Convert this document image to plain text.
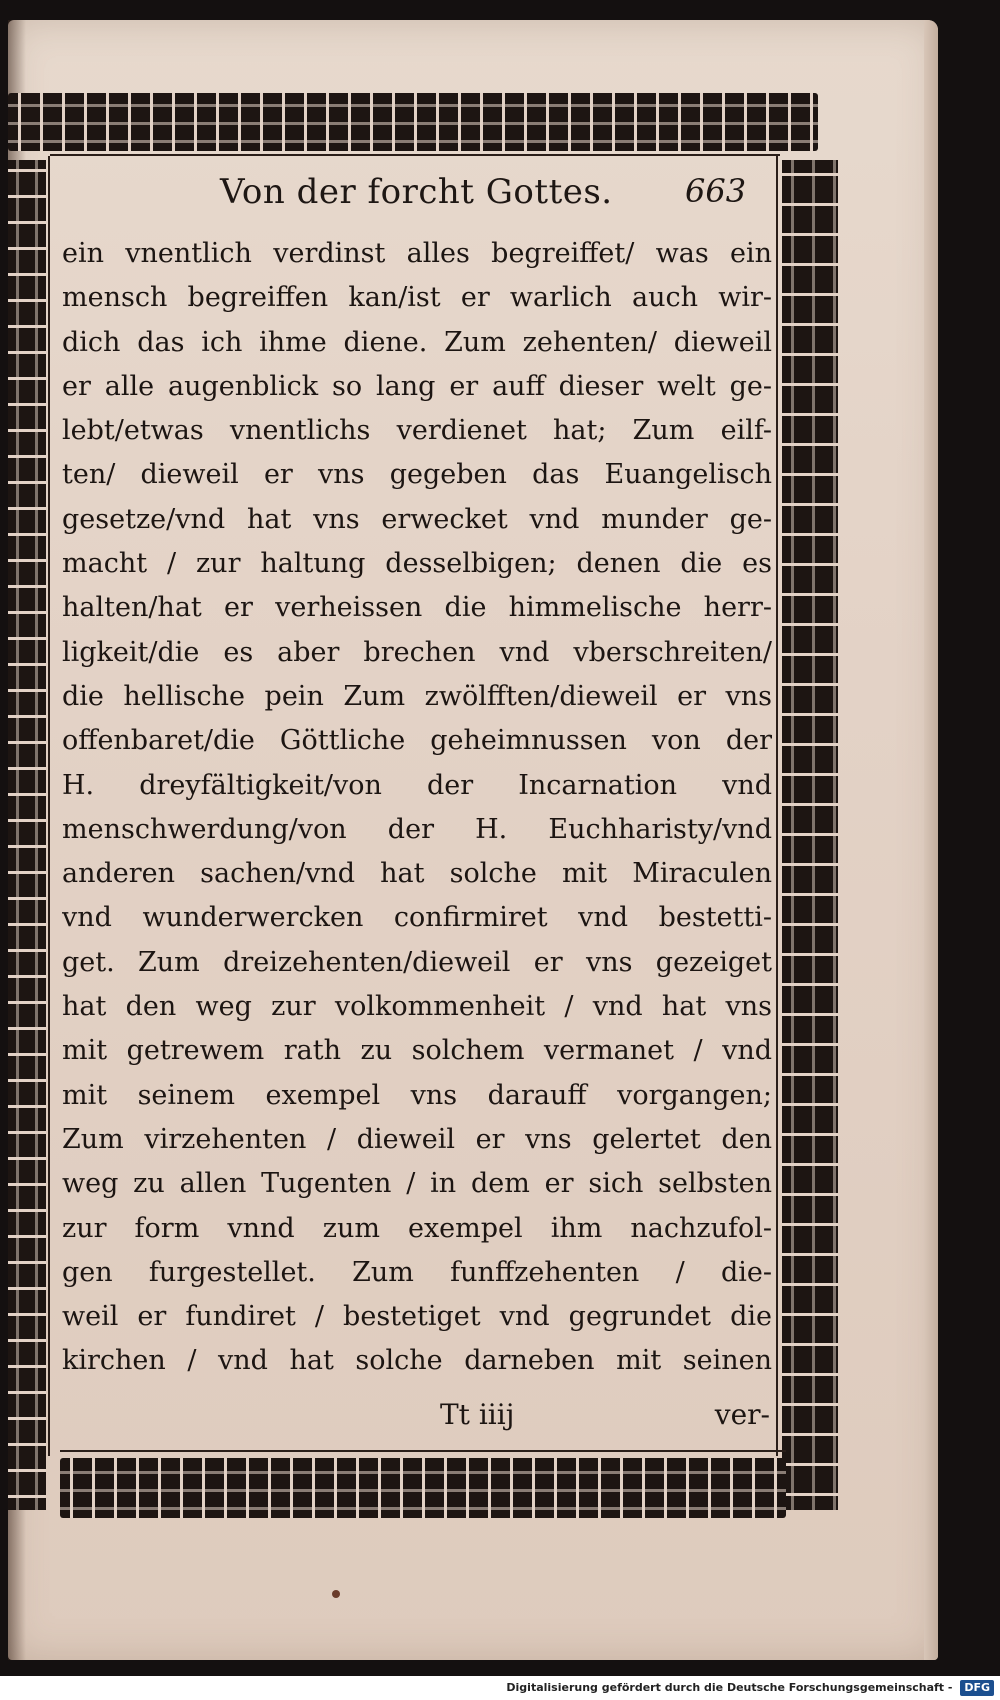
Von der forcht Gottes.	663
ein vnentlich verdinst alles begreiffet/ was ein
mensch begreiffen kan/ist er warlich auch wir-
dich das ich ihme diene. Zum zehenten/ dieweil
er alle augenblick so lang er auff dieser welt ge-
lebt/etwas vnentlichs verdienet hat; Zum eilf-
ten/ dieweil er vns gegeben das Euangelisch
gesetze/vnd hat vns erwecket vnd munder ge-
macht / zur haltung desselbigen; denen die es
halten/hat er verheissen die himmelische herr-
ligkeit/die es aber brechen vnd vberschreiten/
die hellische pein Zum zwölfften/dieweil er vns
offenbaret/die Göttliche geheimnussen von der
H. dreyfältigkeit/von der Incarnation vnd
menschwerdung/von der H. Euchharisty/vnd
anderen sachen/vnd hat solche mit Miraculen
vnd wunderwercken confirmiret vnd bestetti-
get. Zum dreizehenten/dieweil er vns gezeiget
hat den weg zur volkommenheit / vnd hat vns
mit getrewem rath zu solchem vermanet / vnd
mit seinem exempel vns darauff vorgangen;
Zum virzehenten / dieweil er vns gelertet den
weg zu allen Tugenten / in dem er sich selbsten
zur form vnnd zum exempel ihm nachzufol-
gen furgestellet. Zum funffzehenten / die-
weil er fundiret / bestetiget vnd gegrundet die
kirchen / vnd hat solche darneben mit seinen
Tt iiij	ver-
Digitalisierung gefördert durch die Deutsche Forschungsgemeinschaft - DFG
